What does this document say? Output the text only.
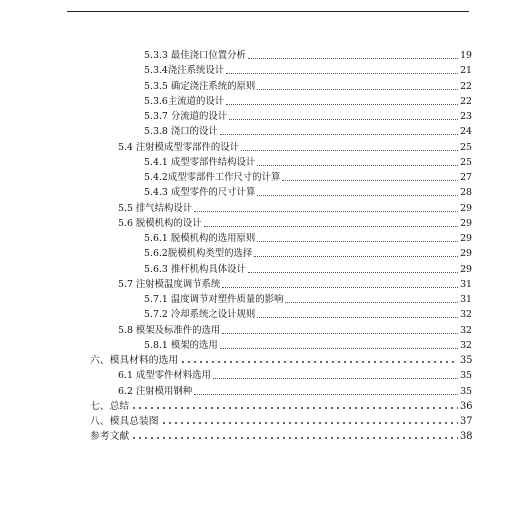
5.3.3 最佳浇口位置分析	19
5.3.4浇注系统设计	21
5.3.5 确定浇注系统的原则	22
5.3.6主流道的设计	22
5.3.7 分流道的设计	23
5.3.8 浇口的设计	24
5.4 注射模成型零部件的设计	25
5.4.1 成型零部件结构设计	25
5.4.2成型零部件工作尺寸的计算	27
5.4.3 成型零件的尺寸计算	28
5.5 排气结构设计	29
5.6 脱模机构的设计	29
5.6.1 脱模机构的选用原则	29
5.6.2脱模机构类型的选择	29
5.6.3 推杆机构具体设计	29
5.7 注射模温度调节系统	31
5.7.1 温度调节对塑件质量的影响	31
5.7.2 冷却系统之设计规则	32
5.8 模架及标准件的选用	32
5.8.1 模架的选用	32
六、模具材料的选用	35
6.1 成型零件材料选用	35
6.2 注射模用钢种	35
七、总结	36
八、模具总装图	37
参考文献	38
